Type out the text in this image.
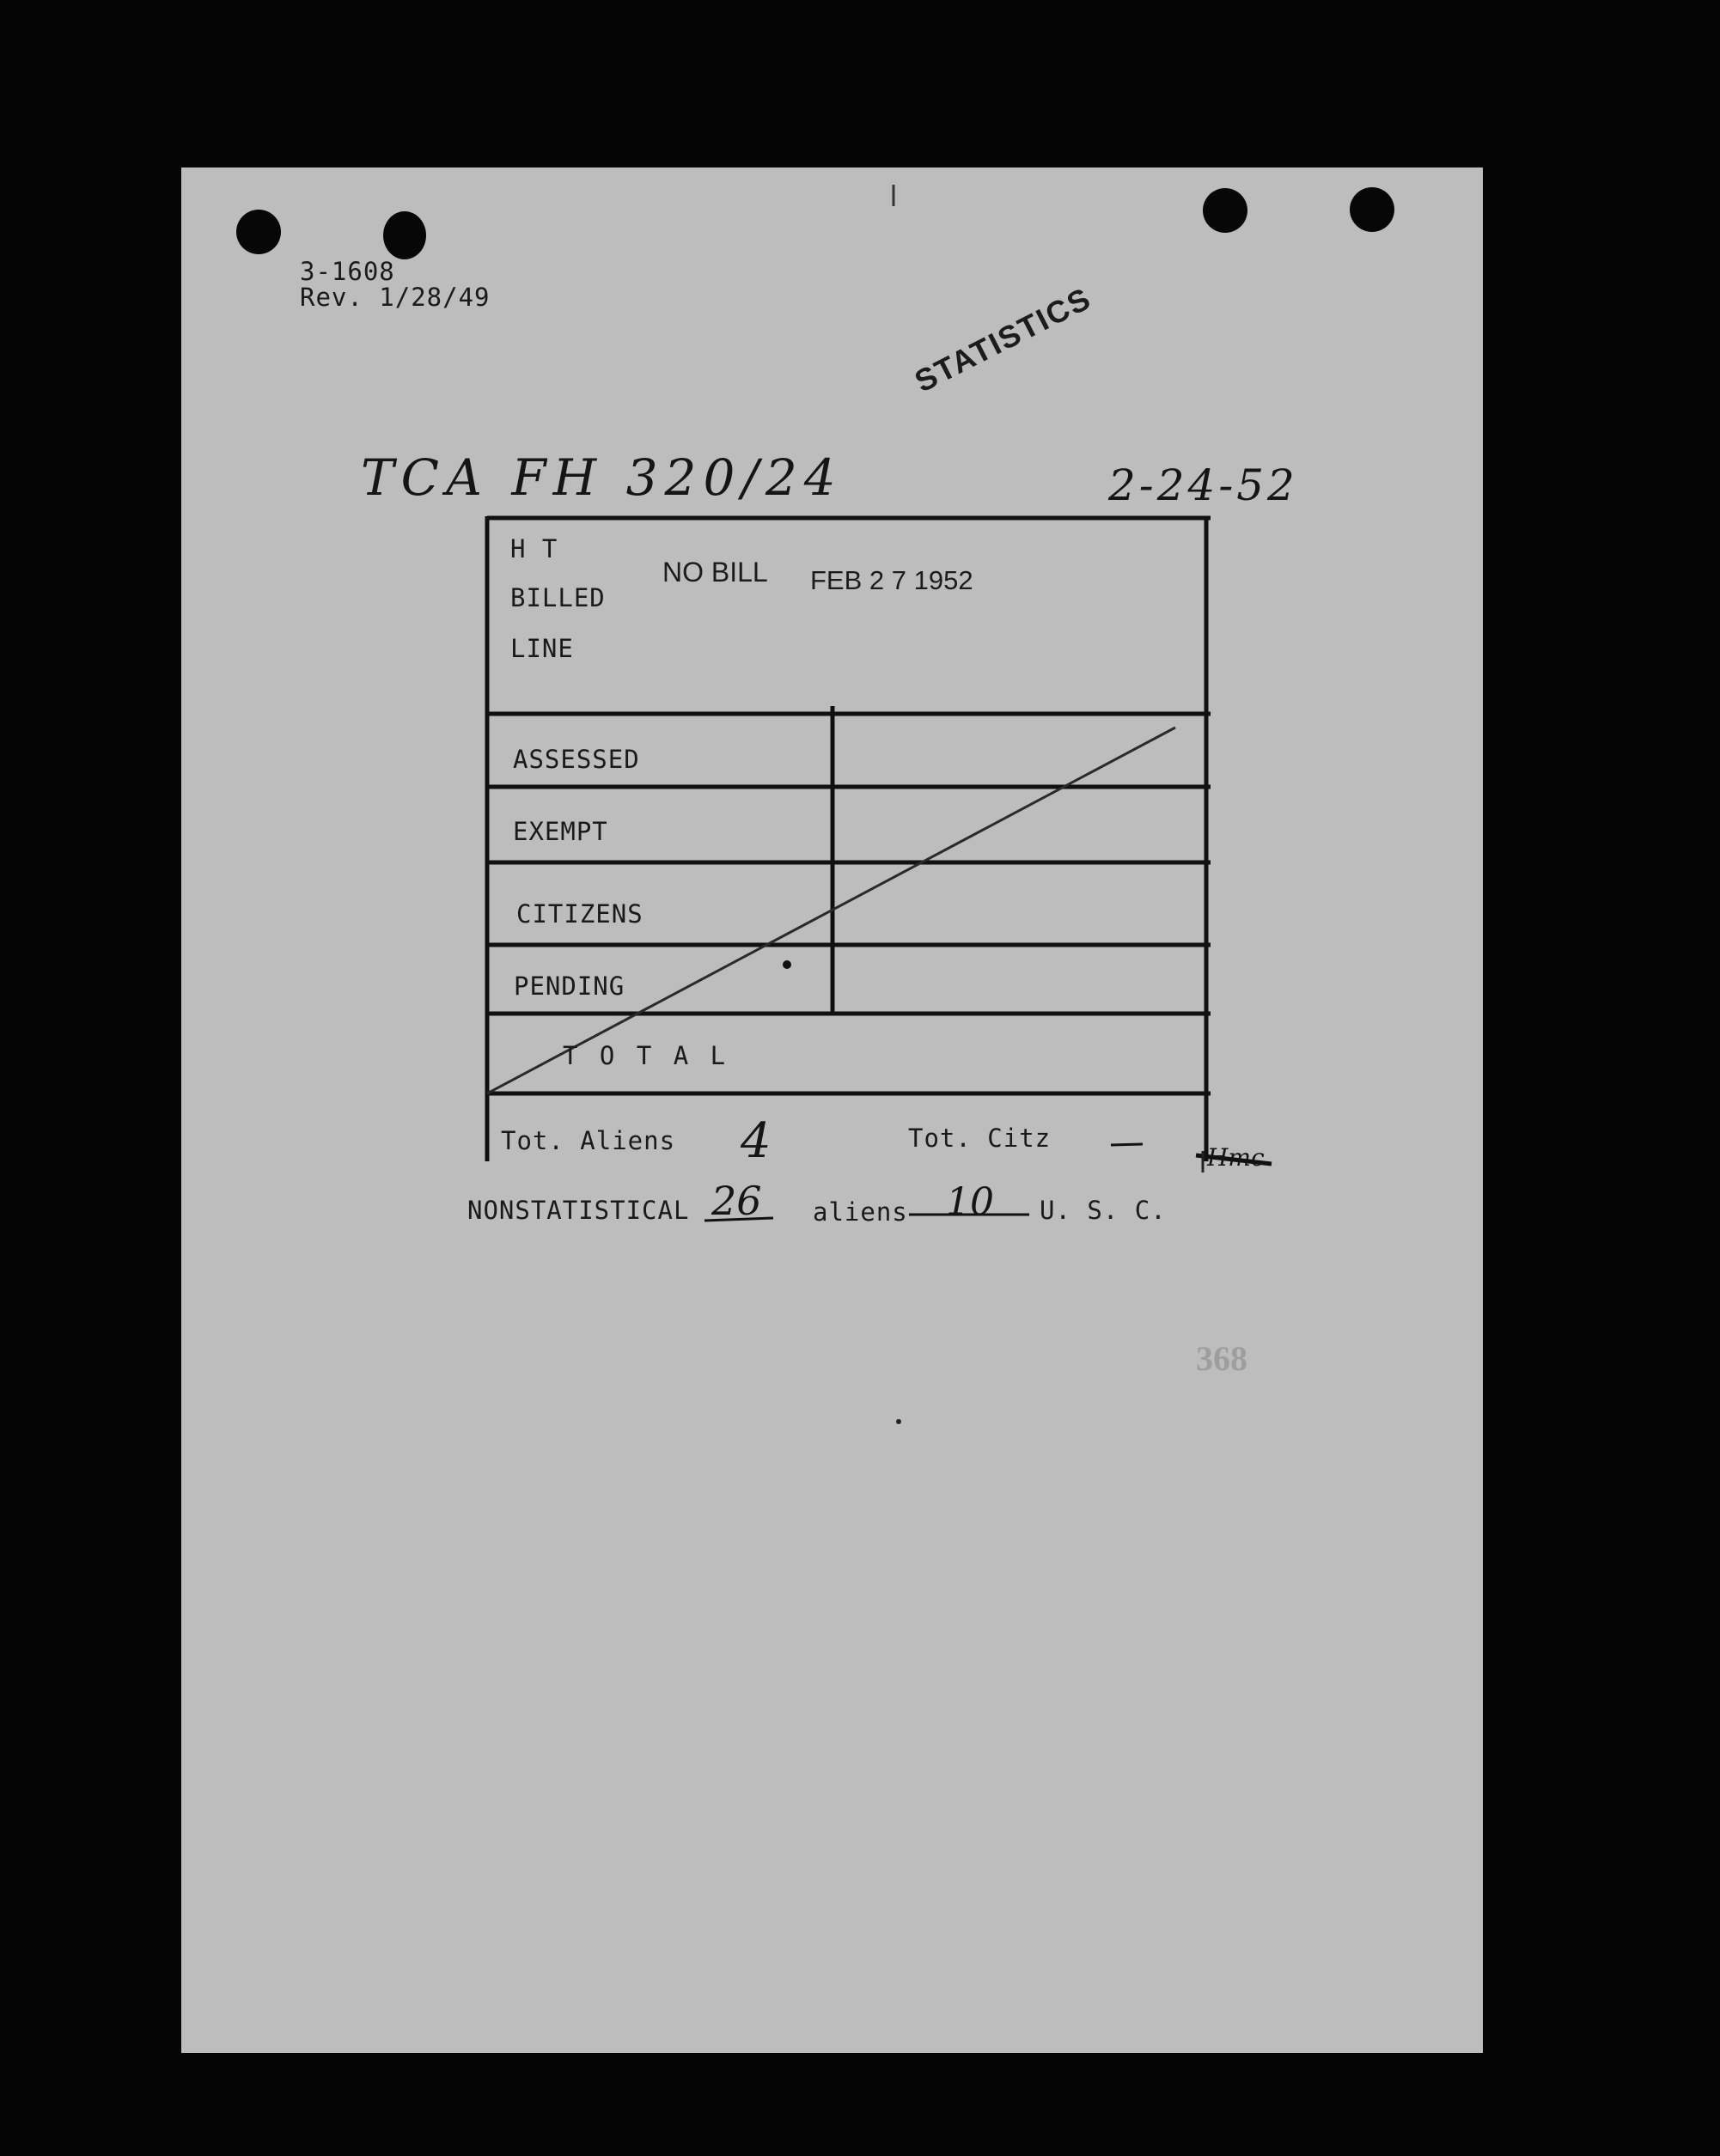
3-1608
Rev. 1/28/49	STATISTICS
TCA FH 320/24	2-24-52
H T
BILLED
LINE
NO BILL FEB 2 7 1952
ASSESSED
EXEMPT
CITIZENS
PENDING
T O T A L
Tot. Aliens 4	Tot. Citz
Hmc
NONSTATISTICAL 26 aliens 10 U. S. C.
368
